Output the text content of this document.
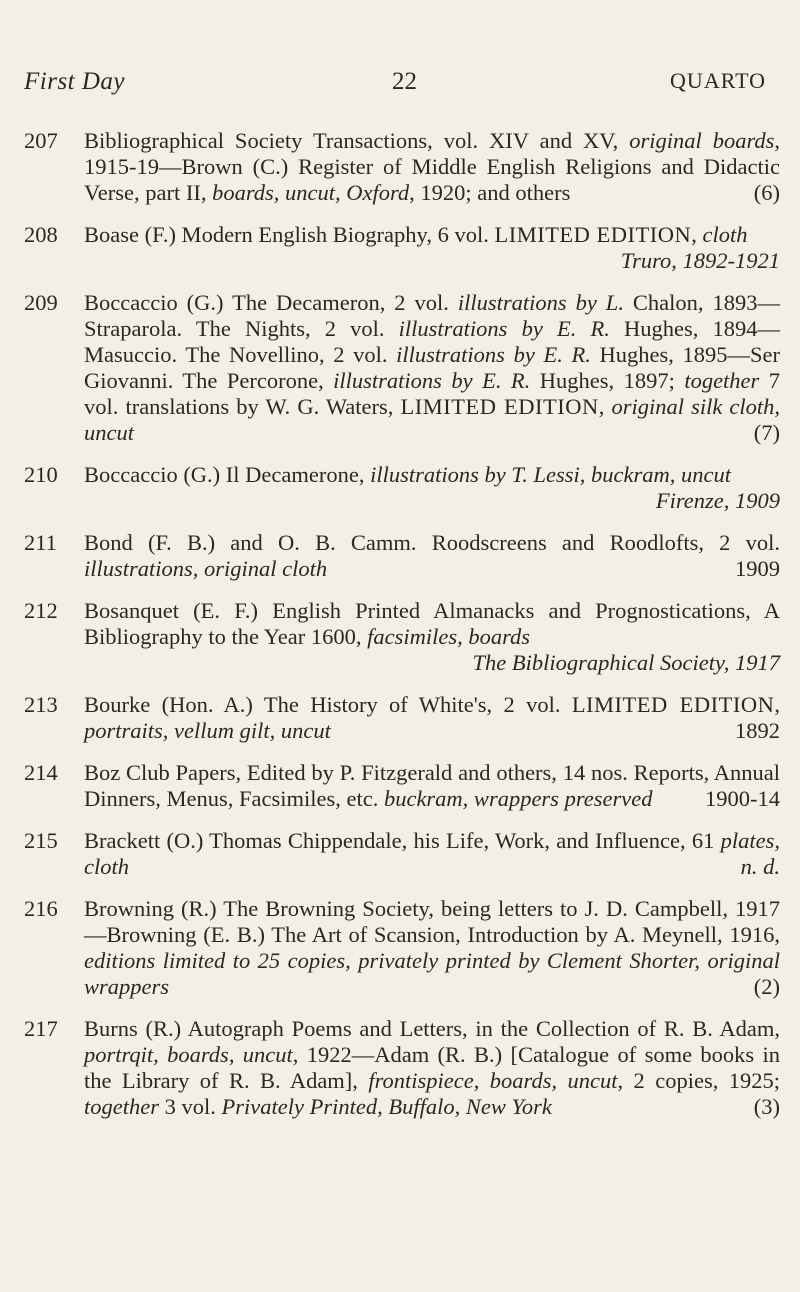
First Day	22	QUARTO
207 Bibliographical Society Transactions, vol. XIV and XV, original boards, 1915-19—Brown (C.) Register of Middle English Religions and Didactic Verse, part II, boards, uncut, Oxford, 1920; and others	(6)
208 Boase (F.) Modern English Biography, 6 vol. LIMITED EDITION, cloth
Truro, 1892-1921
209 Boccaccio (G.) The Decameron, 2 vol. illustrations by L. Chalon, 1893—Straparola. The Nights, 2 vol. illustrations by E. R. Hughes, 1894—Masuccio. The Novellino, 2 vol. illustrations by E. R. Hughes, 1895—Ser Giovanni. The Percorone, illustrations by E. R. Hughes, 1897; together 7 vol. translations by W. G. Waters, LIMITED EDITION, original silk cloth, uncut	(7)
210 Boccaccio (G.) Il Decamerone, illustrations by T. Lessi, buckram, uncut
Firenze, 1909
211 Bond (F. B.) and O. B. Camm. Roodscreens and Roodlofts, 2 vol. illustrations, original cloth	1909
212 Bosanquet (E. F.) English Printed Almanacks and Prognostications, A Bibliography to the Year 1600, facsimiles, boards
The Bibliographical Society, 1917
213 Bourke (Hon. A.) The History of White's, 2 vol. LIMITED EDITION, portraits, vellum gilt, uncut	1892
214 Boz Club Papers, Edited by P. Fitzgerald and others, 14 nos. Reports, Annual Dinners, Menus, Facsimiles, etc. buckram, wrappers preserved 1900-14
215 Brackett (O.) Thomas Chippendale, his Life, Work, and Influence, 61 plates, cloth	n. d.
216 Browning (R.) The Browning Society, being letters to J. D. Campbell, 1917—Browning (E. B.) The Art of Scansion, Introduction by A. Meynell, 1916, editions limited to 25 copies, privately printed by Clement Shorter, original wrappers	(2)
217 Burns (R.) Autograph Poems and Letters, in the Collection of R. B. Adam, portrqit, boards, uncut, 1922—Adam (R. B.) [Catalogue of some books in the Library of R. B. Adam], frontispiece, boards, uncut, 2 copies, 1925; together 3 vol. Privately Printed, Buffalo, New York	(3)
